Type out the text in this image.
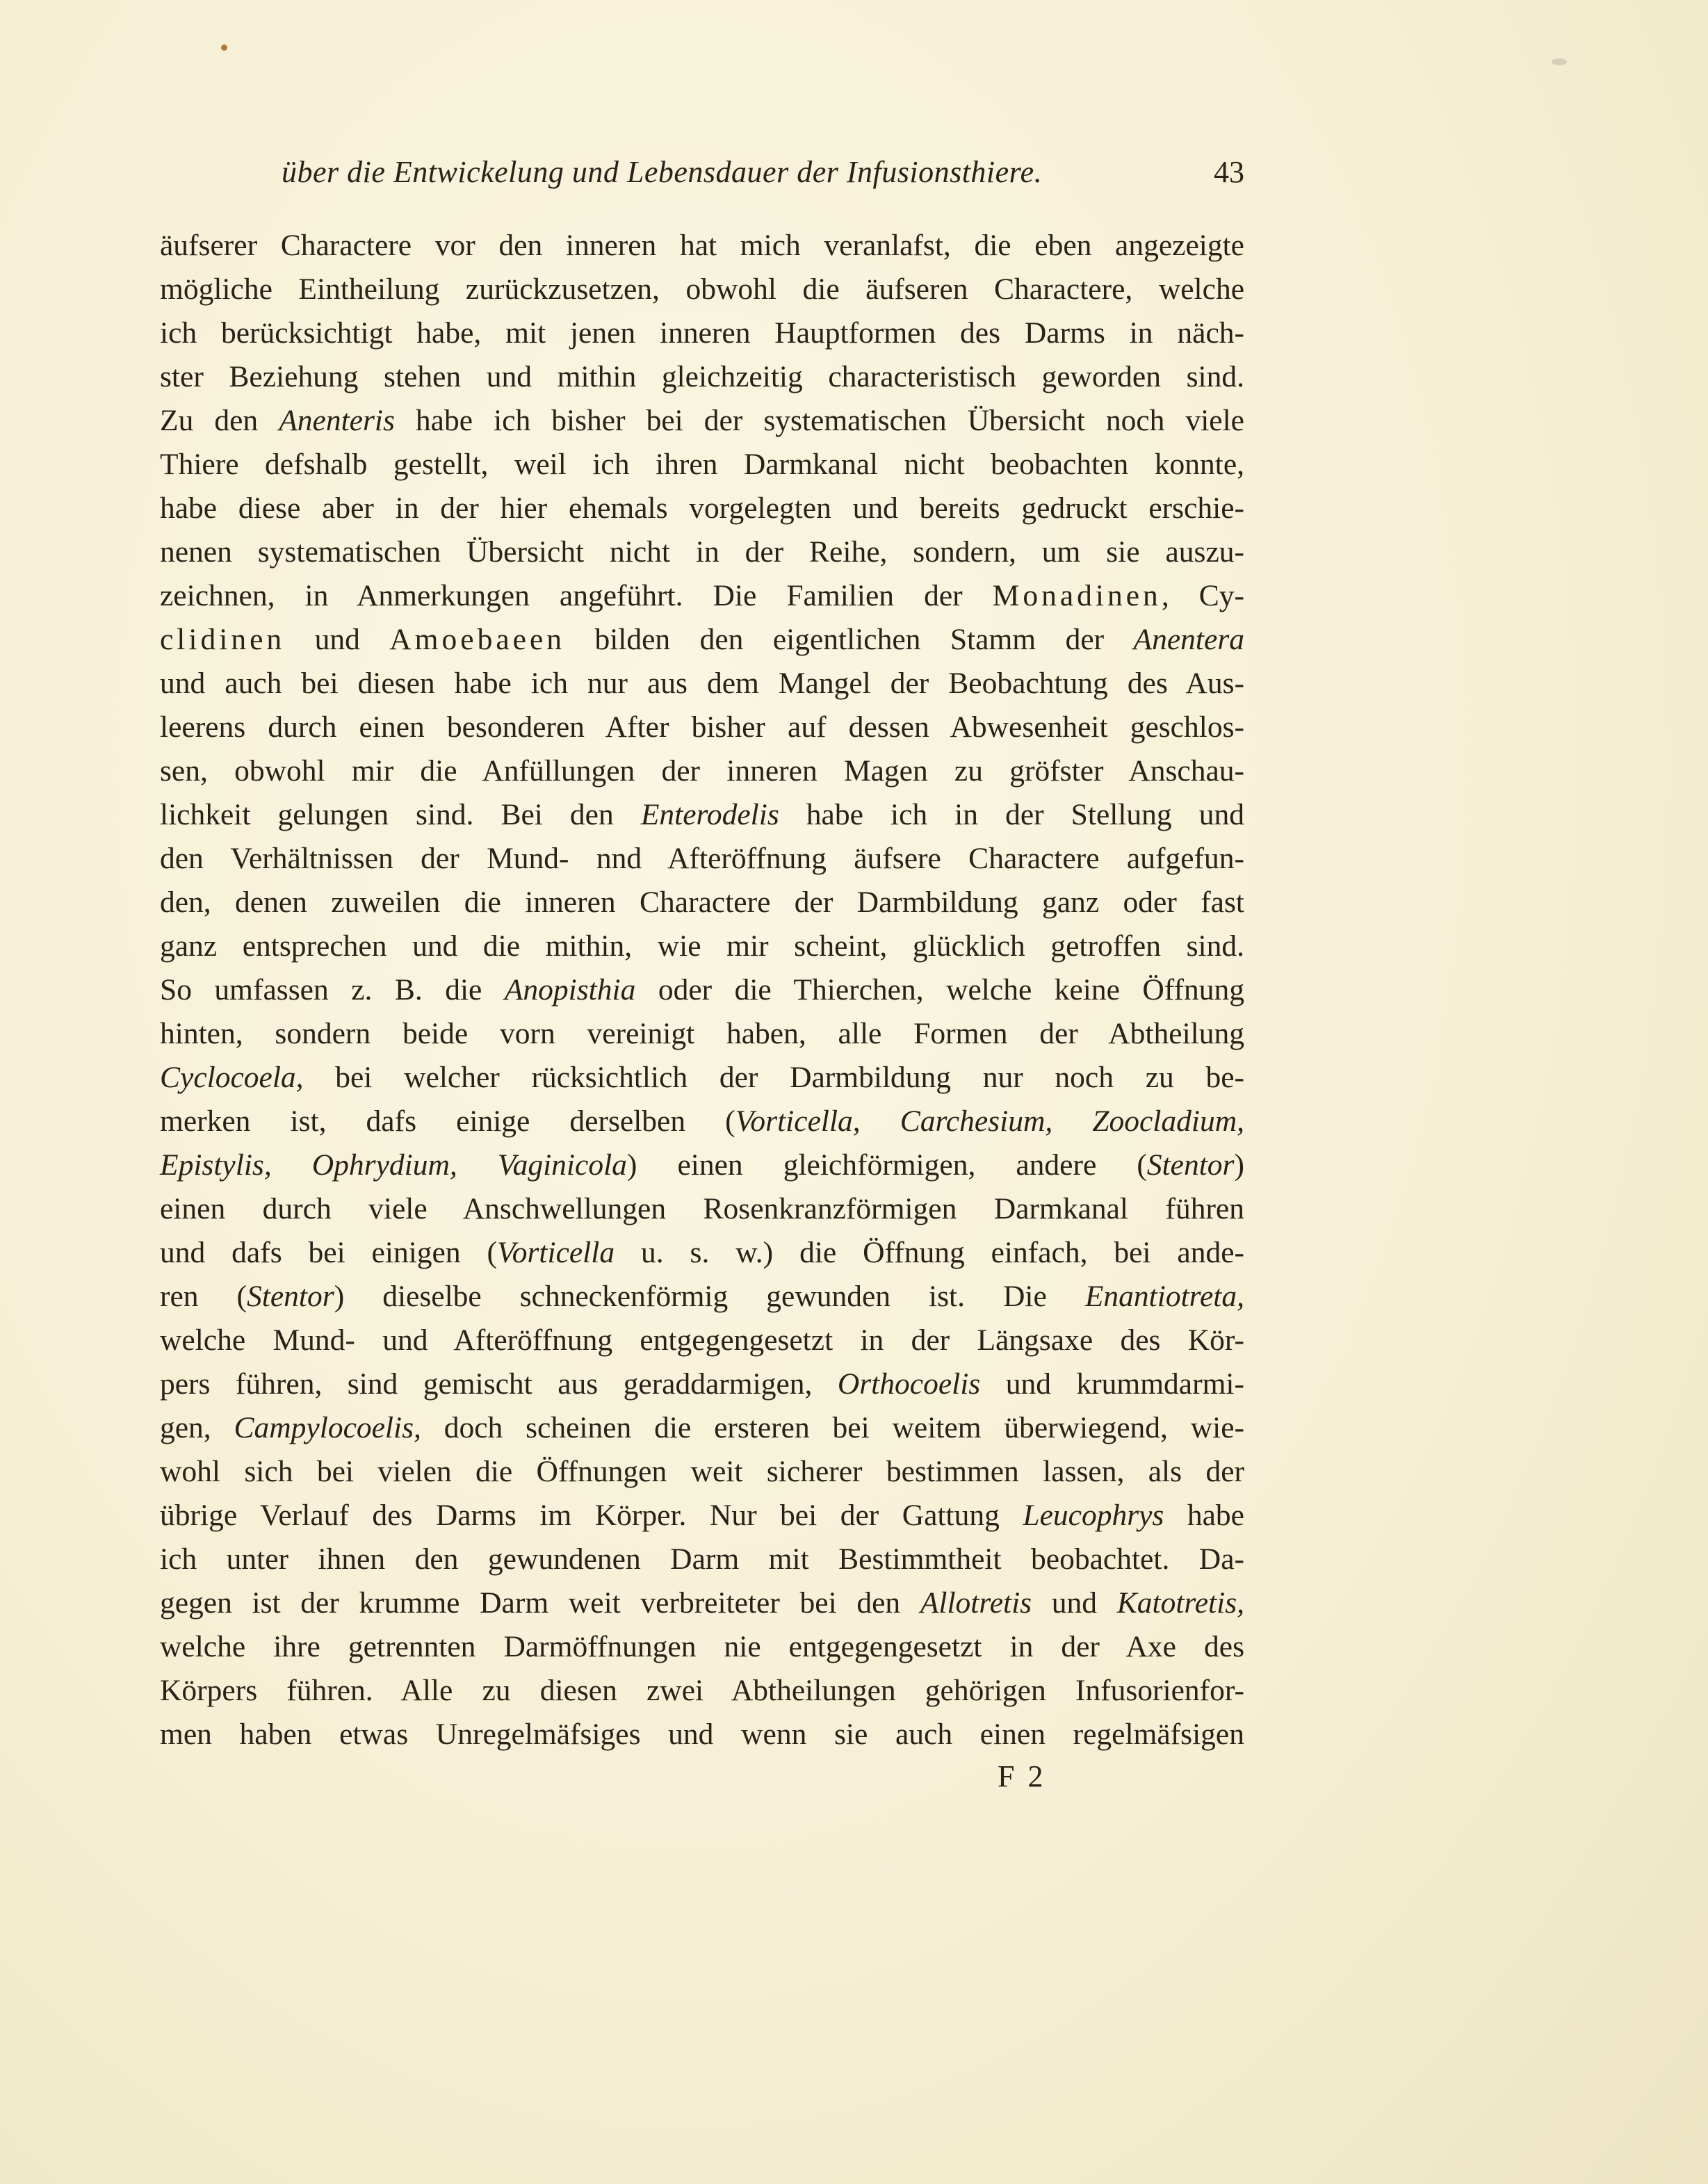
über die Entwickelung und Lebensdauer der Infusionsthiere.	43
äufserer Charactere vor den inneren hat mich veranlafst, die eben angezeigte
mögliche Eintheilung zurückzusetzen, obwohl die äufseren Charactere, welche
ich berücksichtigt habe, mit jenen inneren Hauptformen des Darms in näch-
ster Beziehung stehen und mithin gleichzeitig characteristisch geworden sind.
Zu den Anenteris habe ich bisher bei der systematischen Übersicht noch viele
Thiere defshalb gestellt, weil ich ihren Darmkanal nicht beobachten konnte,
habe diese aber in der hier ehemals vorgelegten und bereits gedruckt erschie-
nenen systematischen Übersicht nicht in der Reihe, sondern, um sie auszu-
zeichnen, in Anmerkungen angeführt. Die Familien der Monadinen, Cy-
clidinen und Amoebaeen bilden den eigentlichen Stamm der Anentera
und auch bei diesen habe ich nur aus dem Mangel der Beobachtung des Aus-
leerens durch einen besonderen After bisher auf dessen Abwesenheit geschlos-
sen, obwohl mir die Anfüllungen der inneren Magen zu gröfster Anschau-
lichkeit gelungen sind. Bei den Enterodelis habe ich in der Stellung und
den Verhältnissen der Mund- nnd Afteröffnung äufsere Charactere aufgefun-
den, denen zuweilen die inneren Charactere der Darmbildung ganz oder fast
ganz entsprechen und die mithin, wie mir scheint, glücklich getroffen sind.
So umfassen z. B. die Anopisthia oder die Thierchen, welche keine Öffnung
hinten, sondern beide vorn vereinigt haben, alle Formen der Abtheilung
Cyclocoela, bei welcher rücksichtlich der Darmbildung nur noch zu be-
merken ist, dafs einige derselben (Vorticella, Carchesium, Zoocladium,
Epistylis, Ophrydium, Vaginicola) einen gleichförmigen, andere (Stentor)
einen durch viele Anschwellungen Rosenkranzförmigen Darmkanal führen
und dafs bei einigen (Vorticella u. s. w.) die Öffnung einfach, bei ande-
ren (Stentor) dieselbe schneckenförmig gewunden ist. Die Enantiotreta,
welche Mund- und Afteröffnung entgegengesetzt in der Längsaxe des Kör-
pers führen, sind gemischt aus geraddarmigen, Orthocoelis und krummdarmi-
gen, Campylocoelis, doch scheinen die ersteren bei weitem überwiegend, wie-
wohl sich bei vielen die Öffnungen weit sicherer bestimmen lassen, als der
übrige Verlauf des Darms im Körper. Nur bei der Gattung Leucophrys habe
ich unter ihnen den gewundenen Darm mit Bestimmtheit beobachtet. Da-
gegen ist der krumme Darm weit verbreiteter bei den Allotretis und Katotretis,
welche ihre getrennten Darmöffnungen nie entgegengesetzt in der Axe des
Körpers führen. Alle zu diesen zwei Abtheilungen gehörigen Infusorienfor-
men haben etwas Unregelmäfsiges und wenn sie auch einen regelmäfsigen
F 2
